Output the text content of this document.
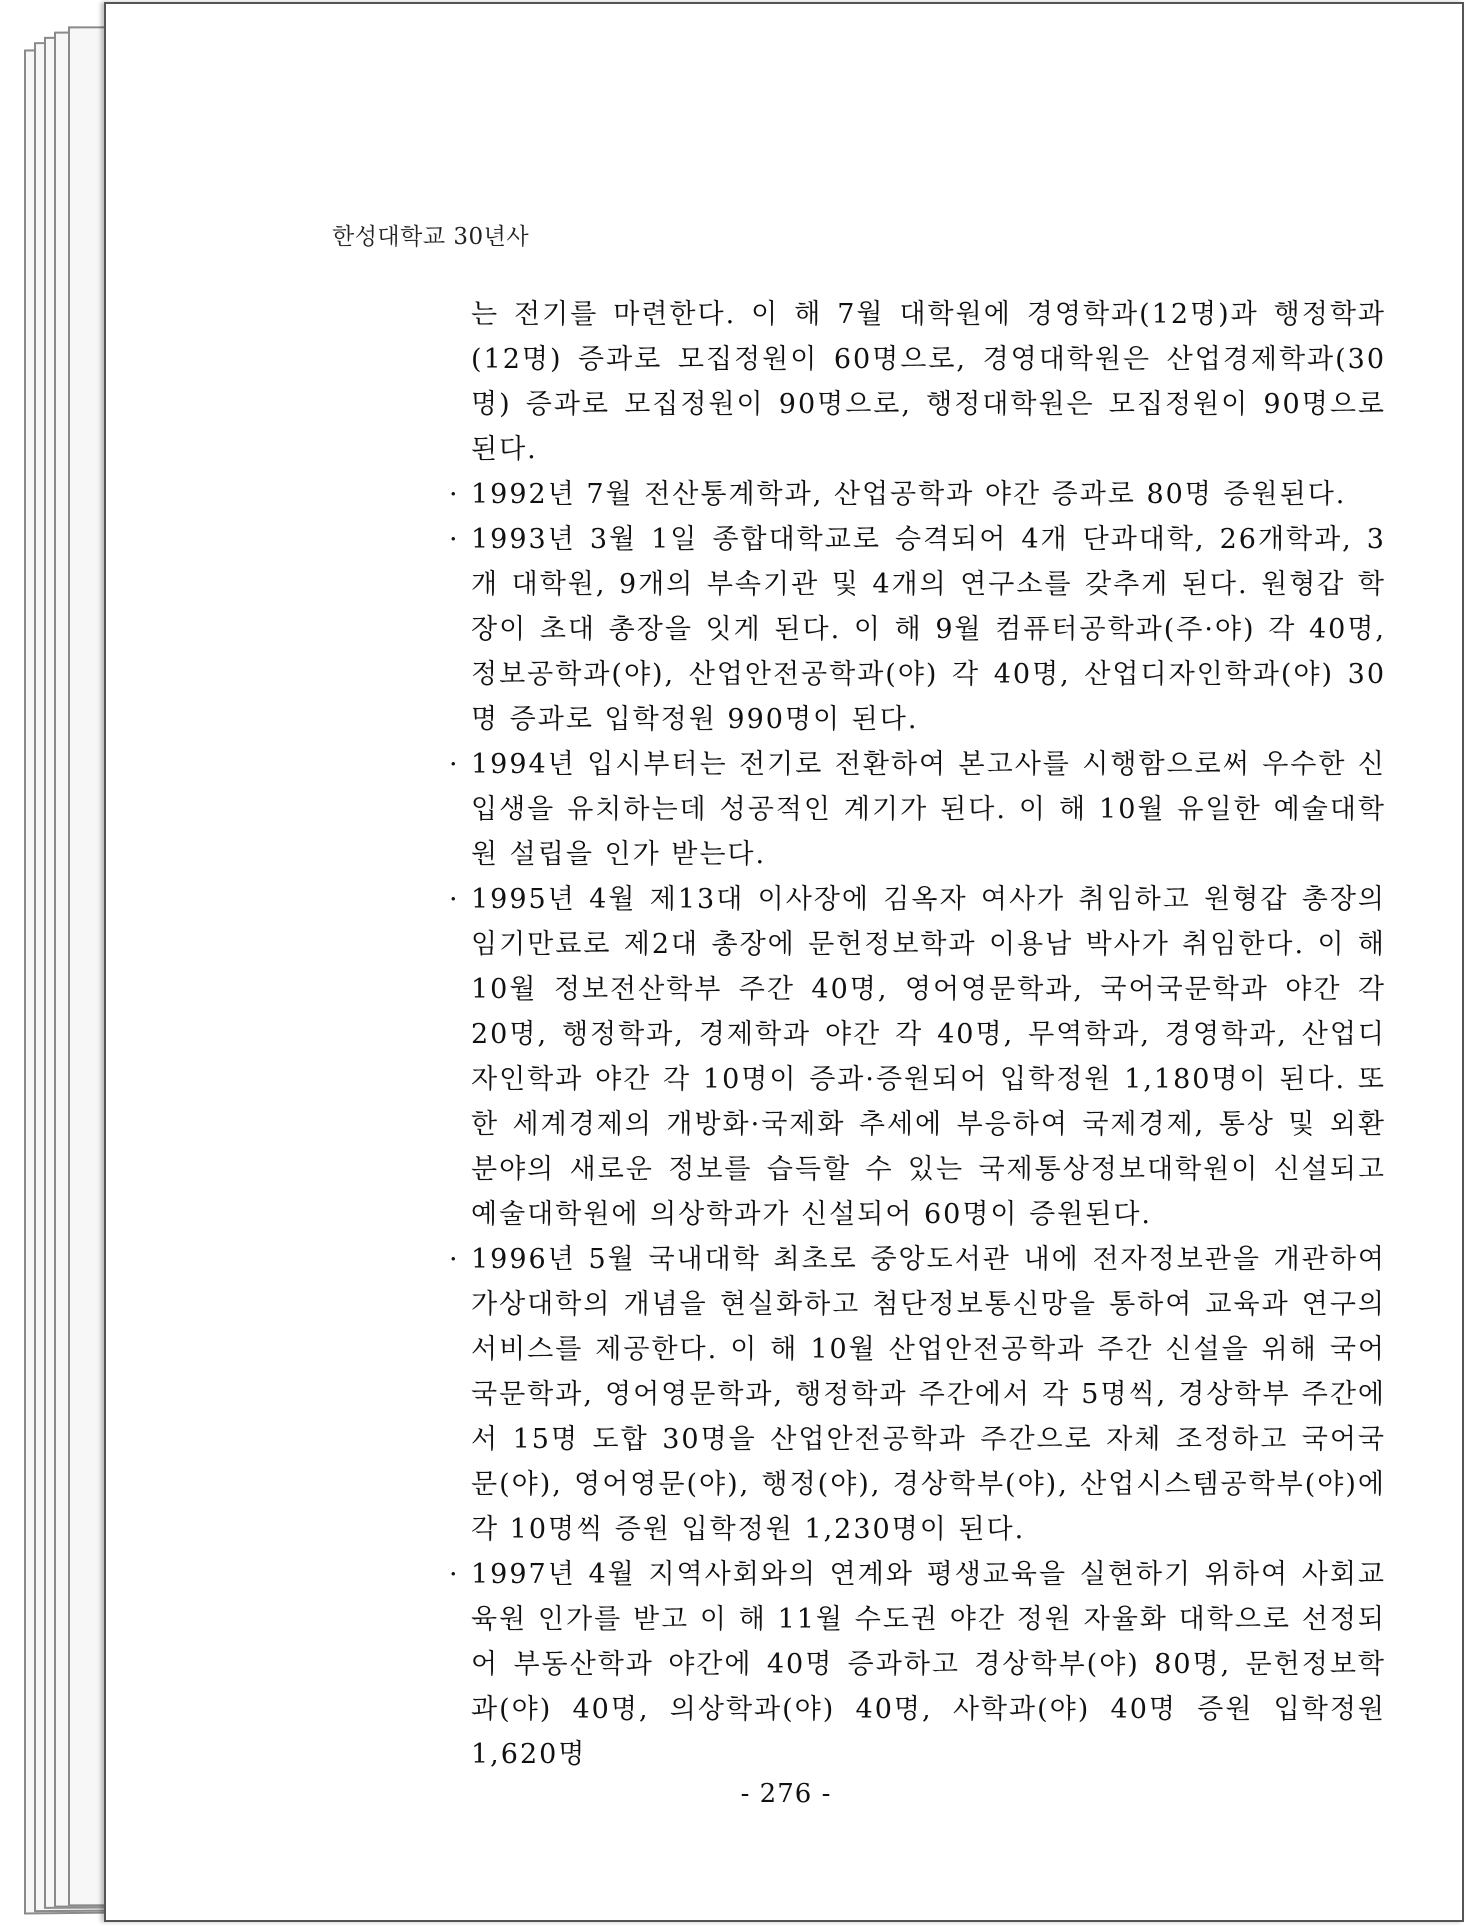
한성대학교 30년사

는 전기를 마련한다. 이 해 7월 대학원에 경영학과(12명)과 행정학과(12명) 증과로 모집정원이 60명으로, 경영대학원은 산업경제학과(30명) 증과로 모집정원이 90명으로, 행정대학원은 모집정원이 90명으로 된다.

· 1992년 7월 전산통계학과, 산업공학과 야간 증과로 80명 증원된다.

· 1993년 3월 1일 종합대학교로 승격되어 4개 단과대학, 26개학과, 3개 대학원, 9개의 부속기관 및 4개의 연구소를 갖추게 된다. 원형갑 학장이 초대 총장을 잇게 된다. 이 해 9월 컴퓨터공학과(주·야) 각 40명, 정보공학과(야), 산업안전공학과(야) 각 40명, 산업디자인학과(야) 30명 증과로 입학정원 990명이 된다.

· 1994년 입시부터는 전기로 전환하여 본고사를 시행함으로써 우수한 신입생을 유치하는데 성공적인 계기가 된다. 이 해 10월 유일한 예술대학원 설립을 인가 받는다.

· 1995년 4월 제13대 이사장에 김옥자 여사가 취임하고 원형갑 총장의 임기만료로 제2대 총장에 문헌정보학과 이용남 박사가 취임한다. 이 해 10월 정보전산학부 주간 40명, 영어영문학과, 국어국문학과 야간 각 20명, 행정학과, 경제학과 야간 각 40명, 무역학과, 경영학과, 산업디자인학과 야간 각 10명이 증과·증원되어 입학정원 1,180명이 된다. 또한 세계경제의 개방화·국제화 추세에 부응하여 국제경제, 통상 및 외환분야의 새로운 정보를 습득할 수 있는 국제통상정보대학원이 신설되고 예술대학원에 의상학과가 신설되어 60명이 증원된다.

· 1996년 5월 국내대학 최초로 중앙도서관 내에 전자정보관을 개관하여 가상대학의 개념을 현실화하고 첨단정보통신망을 통하여 교육과 연구의 서비스를 제공한다. 이 해 10월 산업안전공학과 주간 신설을 위해 국어국문학과, 영어영문학과, 행정학과 주간에서 각 5명씩, 경상학부 주간에서 15명 도합 30명을 산업안전공학과 주간으로 자체 조정하고 국어국문(야), 영어영문(야), 행정(야), 경상학부(야), 산업시스템공학부(야)에 각 10명씩 증원 입학정원 1,230명이 된다.

· 1997년 4월 지역사회와의 연계와 평생교육을 실현하기 위하여 사회교육원 인가를 받고 이 해 11월 수도권 야간 정원 자율화 대학으로 선정되어 부동산학과 야간에 40명 증과하고 경상학부(야) 80명, 문헌정보학과(야) 40명, 의상학과(야) 40명, 사학과(야) 40명 증원 입학정원 1,620명

- 276 -
